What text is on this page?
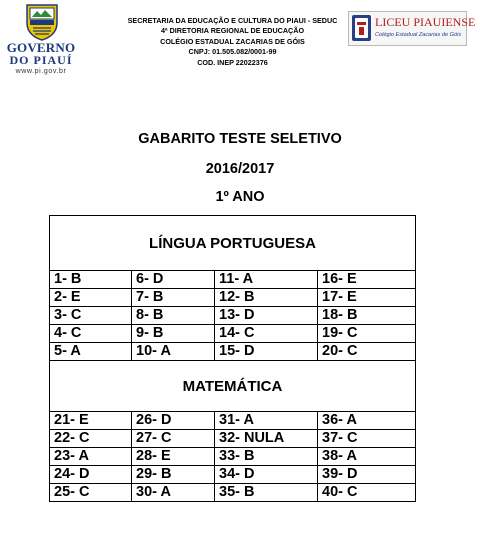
GOVERNO
DO PIAUÍ
www.pi.gov.br
SECRETARIA DA EDUCAÇÃO E CULTURA DO PIAUI - SEDUC
4ª DIRETORIA REGIONAL DE EDUCAÇÃO
COLÉGIO ESTADUAL ZACARIAS DE GÓIS
CNPJ: 01.505.082/0001-99
COD. INEP 22022376
LICEU PIAUIENSE
Colégio Estadual Zacarias de Góis
GABARITO TESTE SELETIVO
2016/2017
1º ANO
LÍNGUA PORTUGUESA			
1- B	6- D	11- A	16- E
2- E	7- B	12- B	17- E
3- C	8- B	13- D	18- B
4- C	9- B	14- C	19- C
5- A	10- A	15- D	20- C
MATEMÁTICA			
21- E	26- D	31- A	36- A
22- C	27- C	32- NULA	37- C
23- A	28- E	33- B	38- A
24- D	29- B	34- D	39- D
25- C	30- A	35- B	40- C
